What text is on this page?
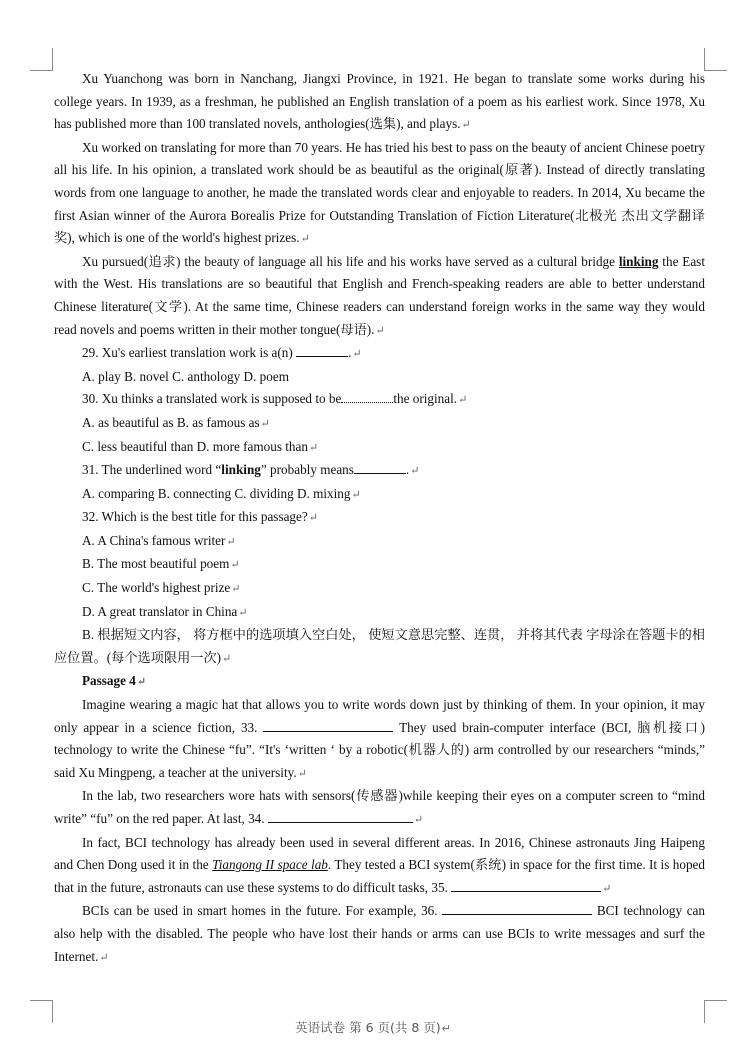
Xu Yuanchong was born in Nanchang, Jiangxi Province, in 1921. He began to translate some works during his college years. In 1939, as a freshman, he published an English translation of a poem as his earliest work. Since 1978, Xu has published more than 100 translated novels, anthologies(选集), and plays.↵

Xu worked on translating for more than 70 years. He has tried his best to pass on the beauty of ancient Chinese poetry all his life. In his opinion, a translated work should be as beautiful as the original(原著). Instead of directly translating words from one language to another, he made the translated words clear and enjoyable to readers. In 2014, Xu became the first Asian winner of the Aurora Borealis Prize for Outstanding Translation of Fiction Literature(北极光 杰出文学翻译奖), which is one of the world's highest prizes.↵

Xu pursued(追求) the beauty of language all his life and his works have served as a cultural bridge linking the East with the West. His translations are so beautiful that English and French-speaking readers are able to better understand Chinese literature(文学). At the same time, Chinese readers can understand foreign works in the same way they would read novels and poems written in their mother tongue(母语).↵

29. Xu's earliest translation work is a(n)	.↵

A. play B. novel C. anthology D. poem

30. Xu thinks a translated work is supposed to be	the original.↵

A. as beautiful as B. as famous as↵

C. less beautiful than D. more famous than↵

31. The underlined word “linking” probably means	.↵

A. comparing B. connecting C. dividing D. mixing↵

32. Which is the best title for this passage?↵

A. A China's famous writer↵

B. The most beautiful poem↵

C. The world's highest prize↵

D. A great translator in China↵

B. 根据短文内容， 将方框中的选项填入空白处， 使短文意思完整、连贯， 并将其代表 字母涂在答题卡的相应位置。(每个选项限用一次)↵

Passage 4↵

Imagine wearing a magic hat that allows you to write words down just by thinking of them. In your opinion, it may only appear in a science fiction, 33.	They used brain-computer interface (BCI, 脑机接口) technology to write the Chinese “fu”. “It's ‘written ‘ by a robotic(机器人的) arm controlled by our researchers “minds,” said Xu Mingpeng, a teacher at the university.↵

In the lab, two researchers wore hats with sensors(传感器)while keeping their eyes on a computer screen to “mind write” “fu” on the red paper. At last, 34.	↵

In fact, BCI technology has already been used in several different areas. In 2016, Chinese astronauts Jing Haipeng and Chen Dong used it in the Tiangong II space lab. They tested a BCI system(系统) in space for the first time. It is hoped that in the future, astronauts can use these systems to do difficult tasks, 35.	↵

BCIs can be used in smart homes in the future. For example, 36.	BCI technology can also help with the disabled. The people who have lost their hands or arms can use BCIs to write messages and surf the Internet.↵

英语试卷 第 6 页(共 8 页)↵
